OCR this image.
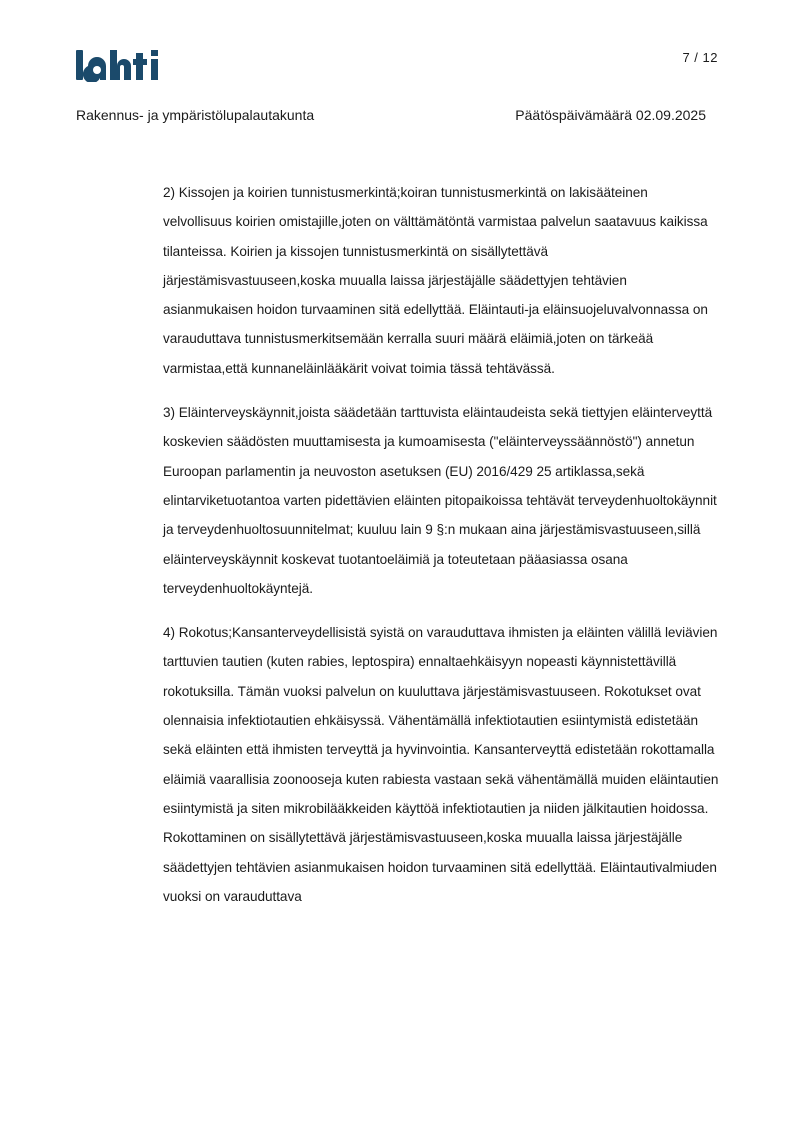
7 / 12
Rakennus- ja ympäristölupalautakunta	Päätöspäivämäärä 02.09.2025

2) Kissojen ja koirien tunnistusmerkintä;koiran tunnistusmerkintä on lakisääteinen velvollisuus koirien omistajille,joten on välttämätöntä varmistaa palvelun saatavuus kaikissa tilanteissa. Koirien ja kissojen tunnistusmerkintä on sisällytettävä järjestämisvastuuseen,koska muualla laissa järjestäjälle säädettyjen tehtävien asianmukaisen hoidon turvaaminen sitä edellyttää. Eläintauti-ja eläinsuojeluvalvonnassa on varauduttava tunnistusmerkitsemään kerralla suuri määrä eläimiä,joten on tärkeää varmistaa,että kunnaneläinlääkärit voivat toimia tässä tehtävässä.

3) Eläinterveyskäynnit,joista säädetään tarttuvista eläintaudeista sekä tiettyjen eläinterveyttä koskevien säädösten muuttamisesta ja kumoamisesta ("eläinterveyssäännöstö") annetun Euroopan parlamentin ja neuvoston asetuksen (EU) 2016/429 25 artiklassa,sekä elintarviketuotantoa varten pidettävien eläinten pitopaikoissa tehtävät terveydenhuoltokäynnit ja terveydenhuoltosuunnitelmat; kuuluu lain 9 §:n mukaan aina järjestämisvastuuseen,sillä eläinterveyskäynnit koskevat tuotantoeläimiä ja toteutetaan pääasiassa osana terveydenhuoltokäyntejä.

4) Rokotus;Kansanterveydellisistä syistä on varauduttava ihmisten ja eläinten välillä leviävien tarttuvien tautien (kuten rabies, leptospira) ennaltaehkäisyyn nopeasti käynnistettävillä rokotuksilla. Tämän vuoksi palvelun on kuuluttava järjestämisvastuuseen. Rokotukset ovat olennaisia infektiotautien ehkäisyssä. Vähentämällä infektiotautien esiintymistä edistetään sekä eläinten että ihmisten terveyttä ja hyvinvointia. Kansanterveyttä edistetään rokottamalla eläimiä vaarallisia zoonooseja kuten rabiesta vastaan sekä vähentämällä muiden eläintautien esiintymistä ja siten mikrobilääkkeiden käyttöä infektiotautien ja niiden jälkitautien hoidossa. Rokottaminen on sisällytettävä järjestämisvastuuseen,koska muualla laissa järjestäjälle säädettyjen tehtävien asianmukaisen hoidon turvaaminen sitä edellyttää. Eläintautivalmiuden vuoksi on varauduttava
